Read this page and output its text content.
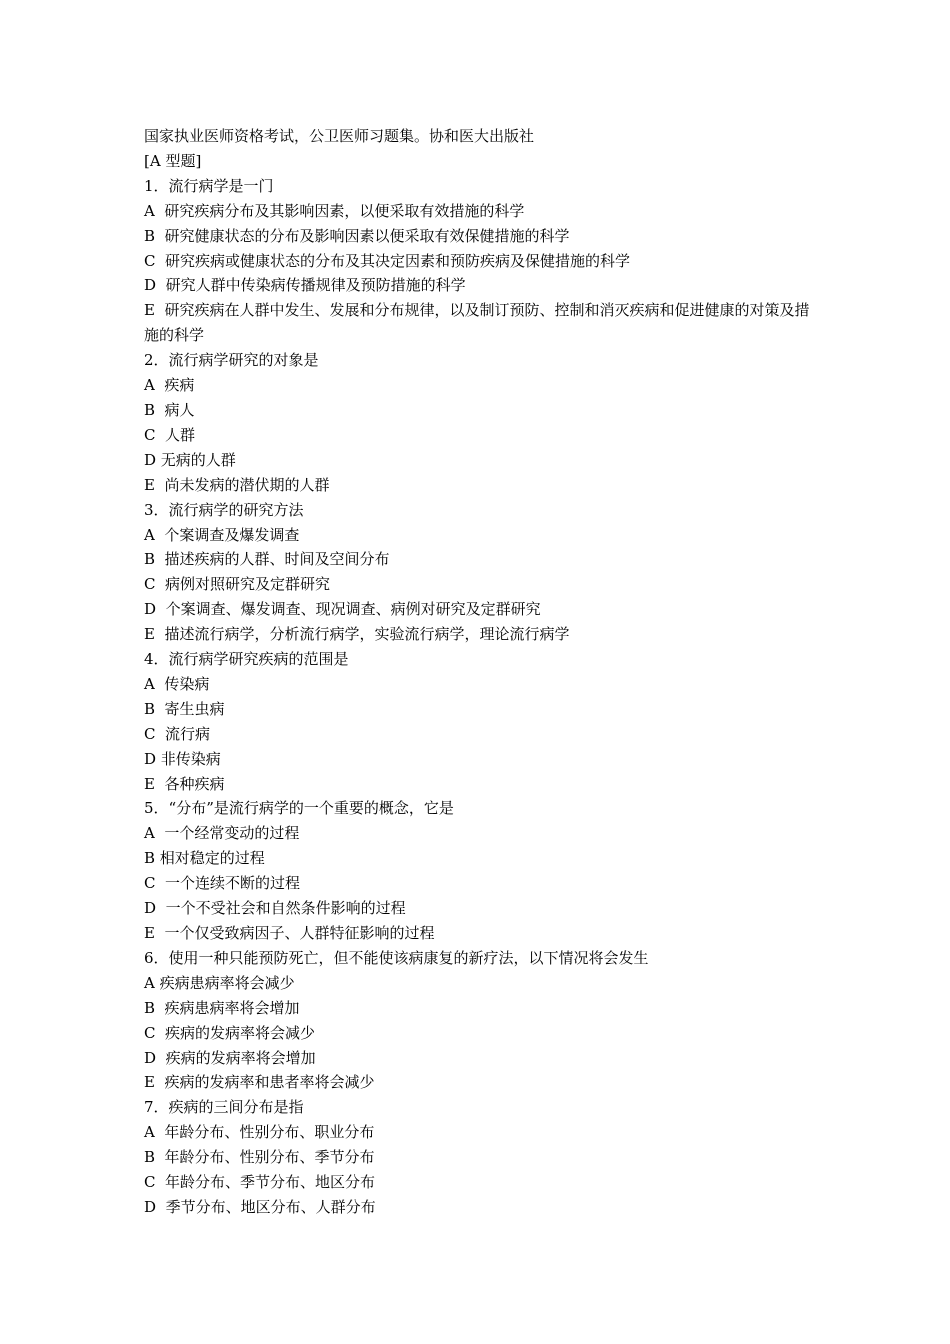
国家执业医师资格考试，公卫医师习题集。协和医大出版社

[A 型题]

1．流行病学是一门

A  研究疾病分布及其影响因素，以便采取有效措施的科学

B  研究健康状态的分布及影响因素以便采取有效保健措施的科学

C  研究疾病或健康状态的分布及其决定因素和预防疾病及保健措施的科学

D  研究人群中传染病传播规律及预防措施的科学

E  研究疾病在人群中发生、发展和分布规律，以及制订预防、控制和消灭疾病和促进健康的对策及措施的科学

2．流行病学研究的对象是

A  疾病

B  病人

C  人群

D 无病的人群

E  尚未发病的潜伏期的人群

3．流行病学的研究方法

A  个案调查及爆发调查

B  描述疾病的人群、时间及空间分布

C  病例对照研究及定群研究

D  个案调查、爆发调查、现况调查、病例对研究及定群研究

E  描述流行病学，分析流行病学，实验流行病学，理论流行病学

4．流行病学研究疾病的范围是

A  传染病

B  寄生虫病

C  流行病

D 非传染病

E  各种疾病

5．“分布”是流行病学的一个重要的概念，它是

A  一个经常变动的过程

B 相对稳定的过程

C  一个连续不断的过程

D  一个不受社会和自然条件影响的过程

E  一个仅受致病因子、人群特征影响的过程

6．使用一种只能预防死亡，但不能使该病康复的新疗法，以下情况将会发生

A 疾病患病率将会减少

B  疾病患病率将会增加

C  疾病的发病率将会减少

D  疾病的发病率将会增加

E  疾病的发病率和患者率将会减少

7．疾病的三间分布是指

A  年龄分布、性别分布、职业分布

B  年龄分布、性别分布、季节分布

C  年龄分布、季节分布、地区分布

D  季节分布、地区分布、人群分布
